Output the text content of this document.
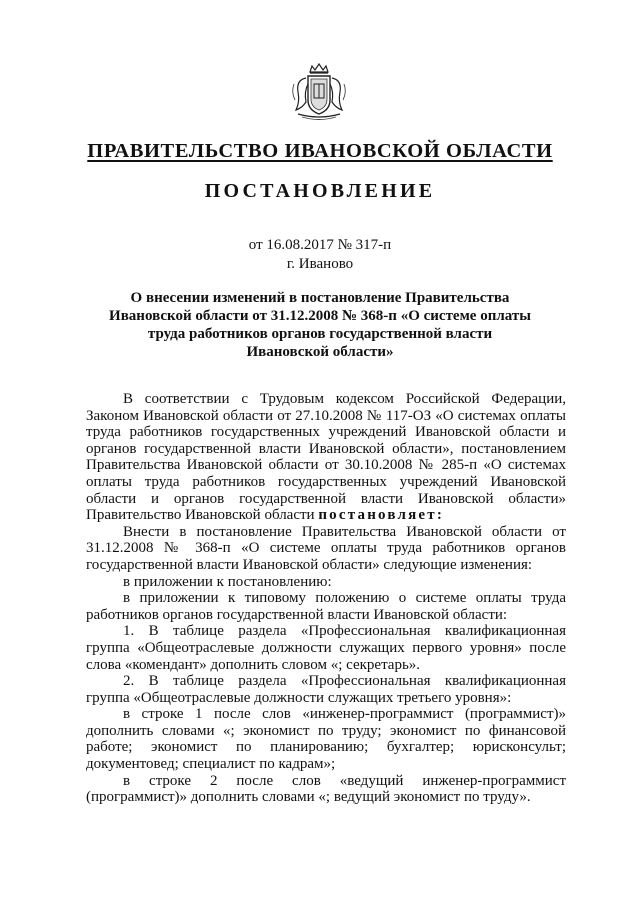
ПРАВИТЕЛЬСТВО ИВАНОВСКОЙ ОБЛАСТИ
ПОСТАНОВЛЕНИЕ
от 16.08.2017 № 317-п
г. Иваново
О внесении изменений в постановление Правительства
Ивановской области от 31.12.2008 № 368-п «О системе оплаты
труда работников органов государственной власти
Ивановской области»
В соответствии с Трудовым кодексом Российской Федерации,
Законом Ивановской области от 27.10.2008 № 117-ОЗ «О системах оплаты
труда работников государственных учреждений Ивановской области и
органов государственной власти Ивановской области», постановлением
Правительства Ивановской области от 30.10.2008 № 285-п «О системах
оплаты труда работников государственных учреждений Ивановской
области и органов государственной власти Ивановской области»
Правительство Ивановской области постановляет:
Внести в постановление Правительства Ивановской области от
31.12.2008 № 368-п «О системе оплаты труда работников органов
государственной власти Ивановской области» следующие изменения:
в приложении к постановлению:
в приложении к типовому положению о системе оплаты труда
работников органов государственной власти Ивановской области:
1. В таблице раздела «Профессиональная квалификационная
группа «Общеотраслевые должности служащих первого уровня» после
слова «комендант» дополнить словом «; секретарь».
2. В таблице раздела «Профессиональная квалификационная
группа «Общеотраслевые должности служащих третьего уровня»:
в строке 1 после слов «инженер-программист (программист)»
дополнить словами «; экономист по труду; экономист по финансовой
работе; экономист по планированию; бухгалтер; юрисконсульт;
документовед; специалист по кадрам»;
в строке 2 после слов «ведущий инженер-программист
(программист)» дополнить словами «; ведущий экономист по труду».
